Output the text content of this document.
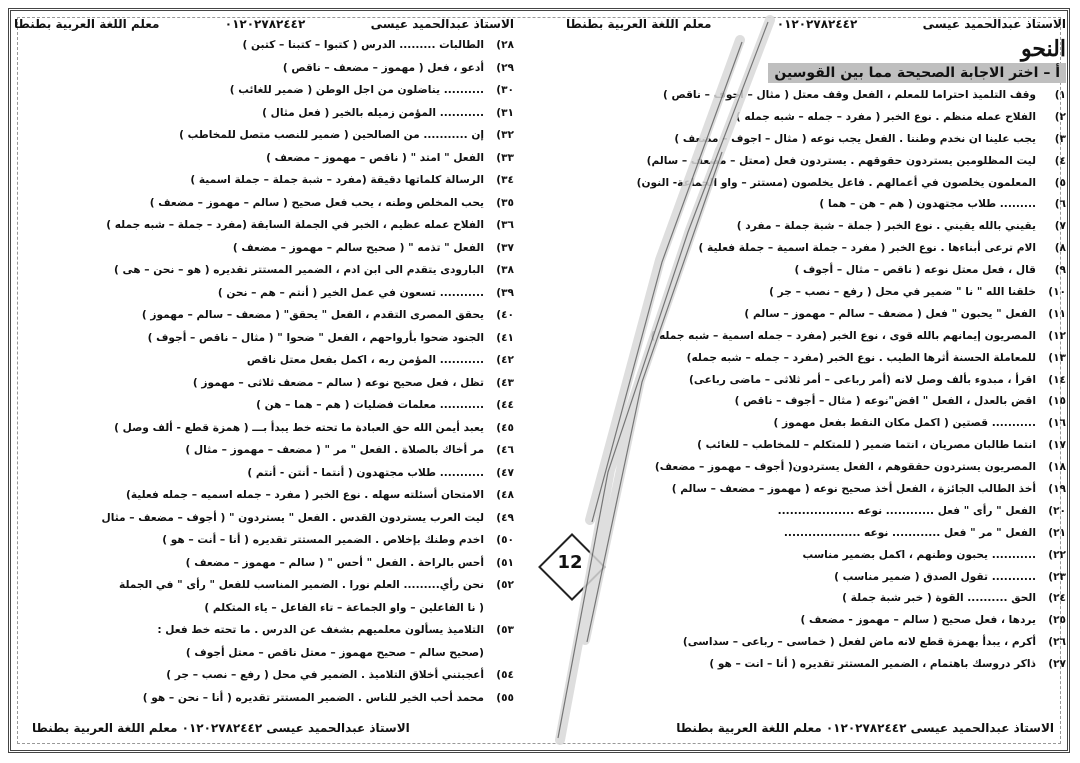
الاستاذ عبدالحميد عيسى
٠١٢٠٢٧٨٢٤٤٢
معلم اللغة العربية بطنطا
النحو
أ – اختر الاجابة الصحيحة مما بين القوسين
١)
وقف التلميذ احتراما للمعلم ، الفعل وقف معتل ( مثال – اجوف – ناقص )
٢)
الفلاح عمله منظم . نوع الخبر ( مفرد – جمله – شبه جمله )
٣)
يجب علينا ان نخدم وطننا . الفعل يجب نوعه ( مثال – اجوف – مضعف )
٤)
ليت المظلومين يستردون حقوقهم . يستردون فعل (معتل – مضعف – سالم)
٥)
المعلمون يخلصون في أعمالهم . فاعل يخلصون (مستتر – واو الجماعة- النون)
٦)
......... طلاب مجتهدون ( هم – هن – هما )
٧)
يقيني بالله يقيني . نوع الخبر ( جملة – شبة جملة – مفرد )
٨)
الام ترعى أبناءها . نوع الخبر ( مفرد – جملة اسمية – جملة فعلية )
٩)
قال ، فعل معتل نوعه ( ناقص – مثال – أجوف )
١٠)
خلقنا الله " نا " ضمير في محل ( رفع – نصب – جر )
١١)
الفعل " يحبون " فعل ( مضعف – سالم – مهموز – سالم )
١٢)
المصريون إيمانهم بالله قوى ، نوع الخبر (مفرد – جمله اسمية – شبه جمله )
١٣)
للمعاملة الحسنة أثرها الطيب . نوع الخبر (مفرد – جمله – شبه جمله)
١٤)
اقرأ ، مبدوء بألف وصل لانه (أمر رباعى – أمر ثلاثى – ماضى رباعى)
١٥)
اقض بالعدل ، الفعل " اقض"نوعه ( مثال – أجوف – ناقص )
١٦)
........... قصتين ( اكمل مكان النقط بفعل مهموز )
١٧)
انتما طالبان مصريان ، انتما ضمير ( للمتكلم – للمخاطب – للغائب )
١٨)
المصريون يستردون حققوهم ، الفعل يستردون( أجوف – مهموز – مضعف)
١٩)
أخذ الطالب الجائزة ، الفعل أخذ صحيح نوعه ( مهموز – مضعف – سالم )
٢٠)
الفعل " رأى " فعل ............ نوعه ...................
٢١)
الفعل " مر " فعل ............ نوعه ...................
٢٢)
........... يحبون وطنهم ، اكمل بضمير مناسب
٢٣)
........... تقول الصدق ( ضمير مناسب )
٢٤)
الحق .......... القوة ( خبر شبة جملة )
٢٥)
يردها ، فعل صحيح ( سالم – مهموز - مضعف )
٢٦)
أكرم ، يبدأ بهمزة قطع لانه ماض لفعل ( خماسى – رباعى – سداسى)
٢٧)
ذاكر دروسك باهتمام ، الضمير المستتر تقديره ( أنا – انت – هو )
الاستاذ عبدالحميد عيسى ٠١٢٠٢٧٨٢٤٤٢ معلم اللغة العربية بطنطا
الاستاذ عبدالحميد عيسى
٠١٢٠٢٧٨٢٤٤٢
معلم اللغة العربية بطنطا
٢٨)
الطالبات ......... الدرس ( كتبوا – كتبنا – كتبن )
٢٩)
أدعو ، فعل ( مهموز – مضعف – ناقص )
٣٠)
.......... يناضلون من اجل الوطن ( ضمير للغائب )
٣١)
........... المؤمن زميله بالخير ( فعل مثال )
٣٢)
إن ........... من الصالحين ( ضمير للنصب متصل للمخاطب )
٣٣)
الفعل " امتد " ( ناقص – مهموز – مضعف )
٣٤)
الرسالة كلماتها دقيقة (مفرد – شبة جملة – جملة اسمية )
٣٥)
يحب المخلص وطنه ، يحب فعل صحيح ( سالم – مهموز – مضعف )
٣٦)
الفلاح عمله عظيم ، الخبر في الجملة السابقة (مفرد – جملة – شبه جمله )
٣٧)
الفعل " تذمه " ( صحيح سالم – مهموز – مضعف )
٣٨)
البارودى يتقدم الى ابن ادم ، الضمير المستتر تقديره ( هو – نحن – هى )
٣٩)
........... تسعون في عمل الخير ( أنتم – هم – نحن )
٤٠)
يحقق المصرى التقدم ، الفعل " يحقق" ( مضعف – سالم – مهموز )
٤١)
الجنود ضحوا بأرواحهم ، الفعل " ضحوا " ( مثال – ناقص – أجوف )
٤٢)
........... المؤمن ربه ، اكمل بفعل معتل ناقص
٤٣)
تظل ، فعل صحيح نوعه ( سالم – مضعف ثلاثى – مهموز )
٤٤)
........... معلمات فضليات ( هم – هما – هن )
٤٥)
يعبد أيمن الله حق العبادة ما تحته خط يبدأ بـــ ( همزة قطع - ألف وصل )
٤٦)
مر أخاك بالصلاة . الفعل " مر " ( مضعف – مهموز – مثال )
٤٧)
........... طلاب مجتهدون ( أنتما - أنتن - أنتم )
٤٨)
الامتحان أسئلته سهله . نوع الخبر ( مفرد – جمله اسميه – جمله فعلية)
٤٩)
ليت العرب يستردون القدس . الفعل " يستردون " ( أجوف – مضعف – مثال
٥٠)
اخدم وطنك بإخلاص . الضمير المستتر تقديره ( أنا – أنت – هو )
٥١)
أحس بالراحة . الفعل " أحس " ( سالم – مهموز – مضعف )
٥٢)
نحن رأي......... العلم نورا . الضمير المناسب للفعل " رأى " في الجملة
( نا الفاعلين – واو الجماعة – تاء الفاعل – ياء المتكلم )
٥٣)
التلاميذ يسألون معلميهم بشغف عن الدرس . ما تحته خط فعل :
(صحيح سالم – صحيح مهموز – معتل ناقص – معتل أجوف )
٥٤)
أعجبتني أخلاق التلاميذ . الضمير في محل ( رفع – نصب – جر )
٥٥)
محمد أحب الخير للناس . الضمير المستتر تقديره ( أنا – نحن – هو )
الاستاذ عبدالحميد عيسى ٠١٢٠٢٧٨٢٤٤٢ معلم اللغة العربية بطنطا
12
